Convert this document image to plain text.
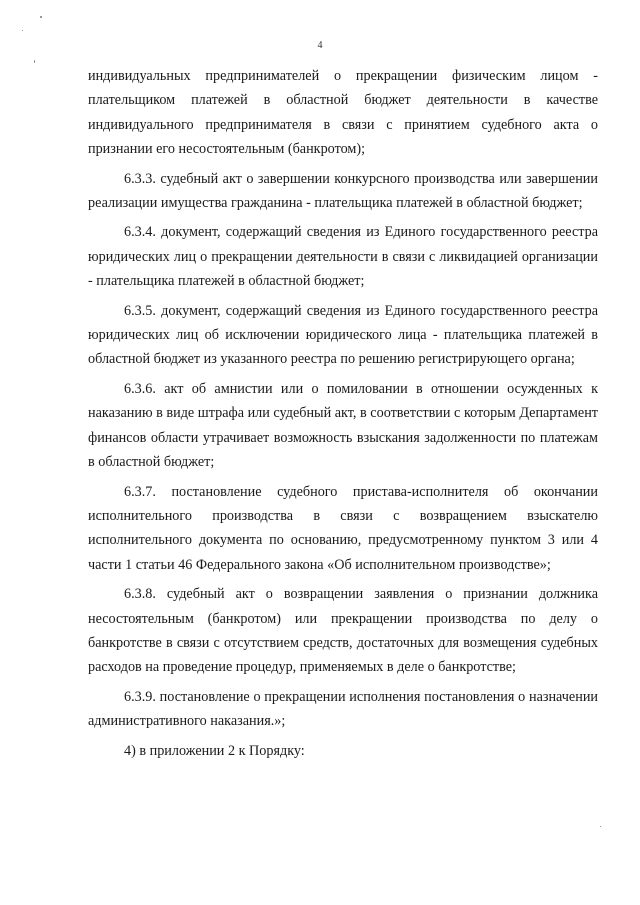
4

индивидуальных предпринимателей о прекращении физическим лицом - плательщиком платежей в областной бюджет деятельности в качестве индивидуального предпринимателя в связи с принятием судебного акта о признании его несостоятельным (банкротом);

6.3.3. судебный акт о завершении конкурсного производства или завершении реализации имущества гражданина - плательщика платежей в областной бюджет;

6.3.4. документ, содержащий сведения из Единого государственного реестра юридических лиц о прекращении деятельности в связи с ликвидацией организации - плательщика платежей в областной бюджет;

6.3.5. документ, содержащий сведения из Единого государственного реестра юридических лиц об исключении юридического лица - плательщика платежей в областной бюджет из указанного реестра по решению регистрирующего органа;

6.3.6. акт об амнистии или о помиловании в отношении осужденных к наказанию в виде штрафа или судебный акт, в соответствии с которым Департамент финансов области утрачивает возможность взыскания задолженности по платежам в областной бюджет;

6.3.7. постановление судебного пристава-исполнителя об окончании исполнительного производства в связи с возвращением взыскателю исполнительного документа по основанию, предусмотренному пунктом 3 или 4 части 1 статьи 46 Федерального закона «Об исполнительном производстве»;

6.3.8. судебный акт о возвращении заявления о признании должника несостоятельным (банкротом) или прекращении производства по делу о банкротстве в связи с отсутствием средств, достаточных для возмещения судебных расходов на проведение процедур, применяемых в деле о банкротстве;

6.3.9. постановление о прекращении исполнения постановления о назначении административного наказания.»;

4) в приложении 2 к Порядку:
